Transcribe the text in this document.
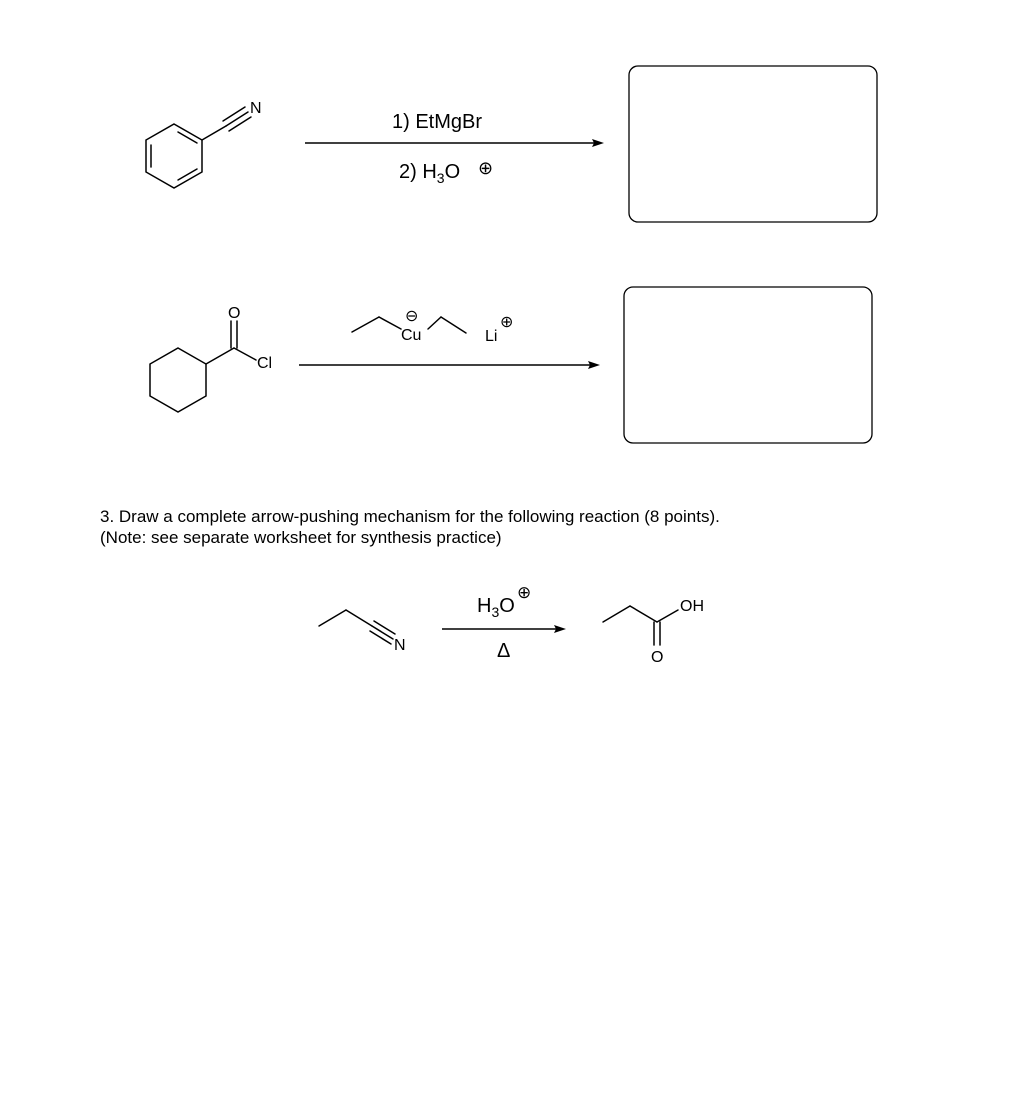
N
1) EtMgBr
2) $H_3O$ ⊕
O
Cl
Cu
⊖
Li
⊕
N
$H_3O$
⊕
Δ
OH
O
3. Draw a complete arrow-pushing mechanism for the following reaction (8 points).
(Note: see separate worksheet for synthesis practice)
